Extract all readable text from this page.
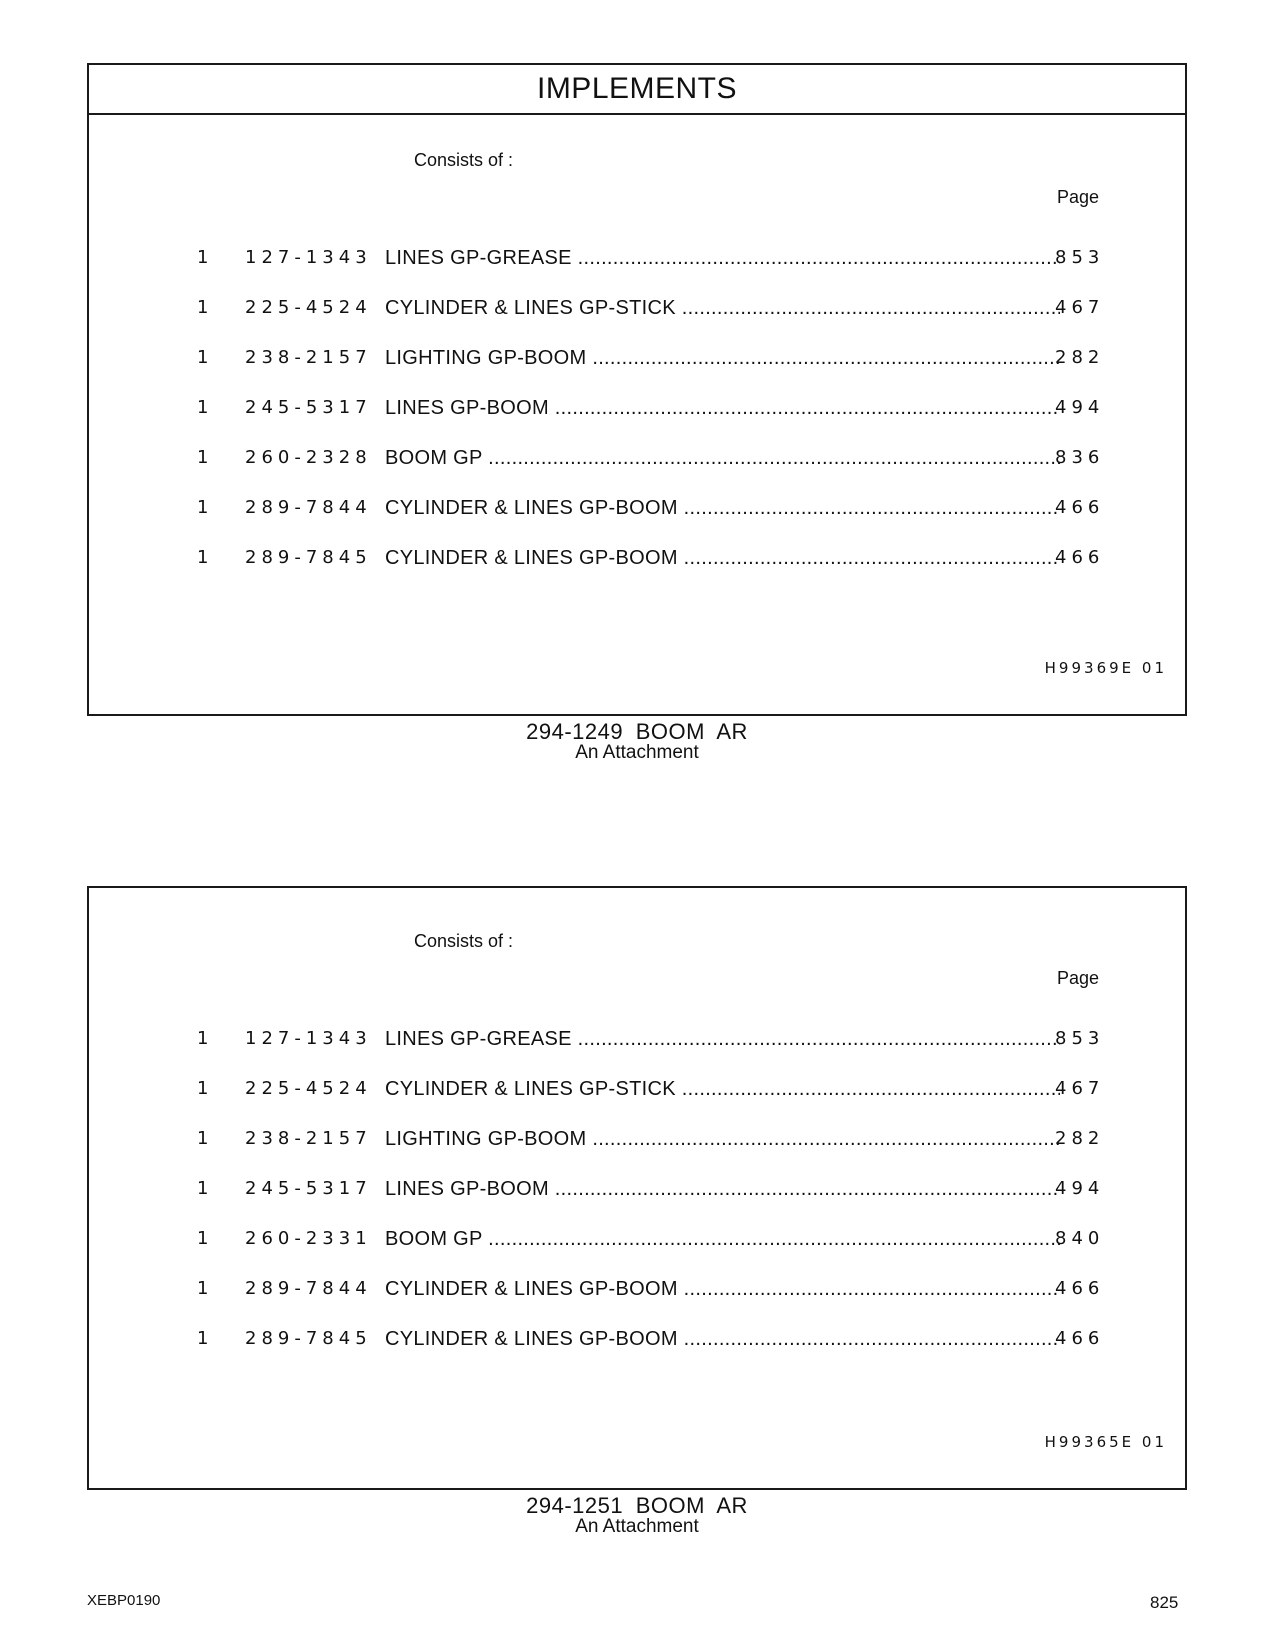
IMPLEMENTS
Consists of :
Page
1 127-1343 LINES GP-GREASE .....	853
1 225-4524 CYLINDER & LINES GP-STICK .....	467
1 238-2157 LIGHTING GP-BOOM .....	282
1 245-5317 LINES GP-BOOM .....	494
1 260-2328 BOOM GP .....	836
1 289-7844 CYLINDER & LINES GP-BOOM .....	466
1 289-7845 CYLINDER & LINES GP-BOOM .....	466
H99369E 01
294-1249 BOOM AR
An Attachment
Consists of :
Page
1 127-1343 LINES GP-GREASE .....	853
1 225-4524 CYLINDER & LINES GP-STICK .....	467
1 238-2157 LIGHTING GP-BOOM .....	282
1 245-5317 LINES GP-BOOM .....	494
1 260-2331 BOOM GP .....	840
1 289-7844 CYLINDER & LINES GP-BOOM .....	466
1 289-7845 CYLINDER & LINES GP-BOOM .....	466
H99365E 01
294-1251 BOOM AR
An Attachment
XEBP0190	825
